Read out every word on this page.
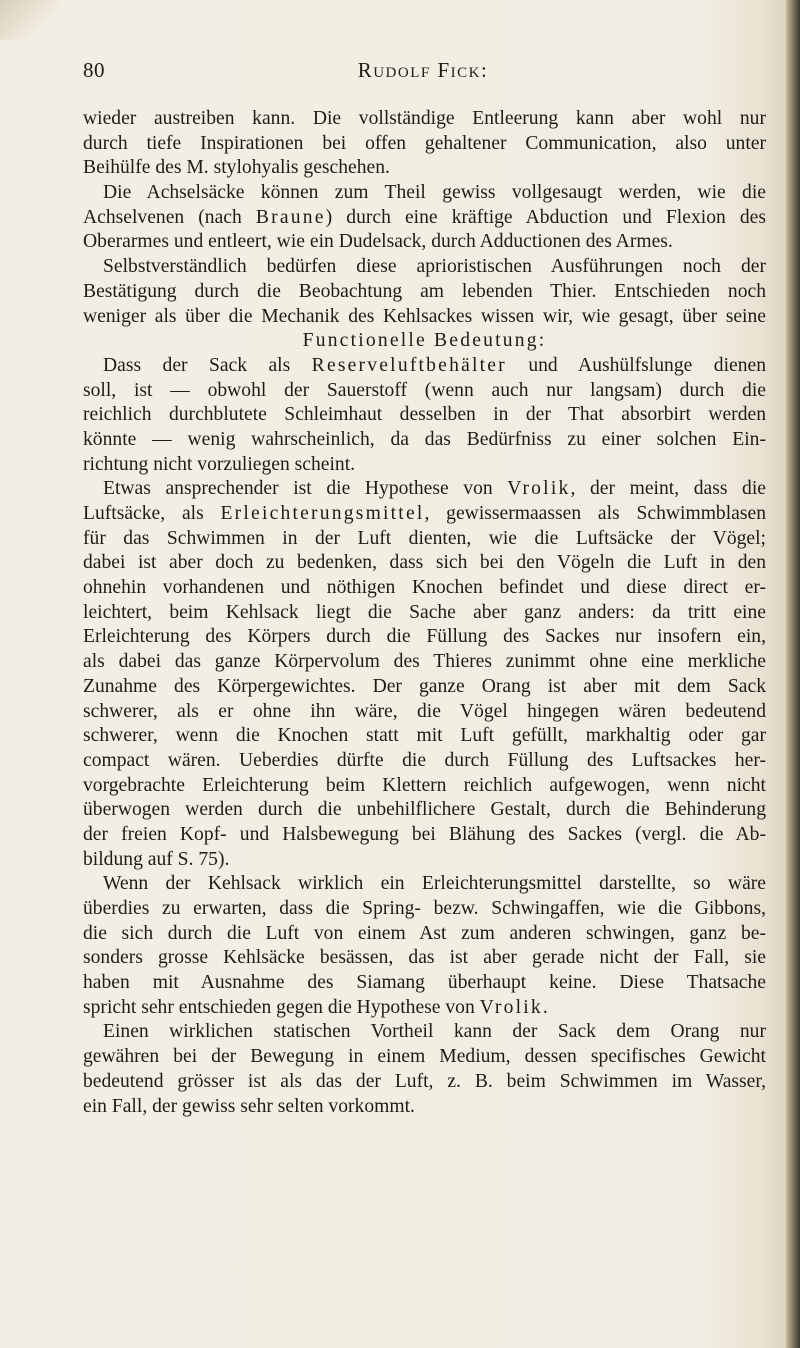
80	Rudolf Fick:
wieder austreiben kann. Die vollständige Entleerung kann aber wohl nur
durch tiefe Inspirationen bei offen gehaltener Communication, also unter
Beihülfe des M. stylohyalis geschehen.
Die Achselsäcke können zum Theil gewiss vollgesaugt werden, wie die
Achselvenen (nach Braune) durch eine kräftige Abduction und Flexion des
Oberarmes und entleert, wie ein Dudelsack, durch Adductionen des Armes.
Selbstverständlich bedürfen diese aprioristischen Ausführungen noch der
Bestätigung durch die Beobachtung am lebenden Thier. Entschieden noch
weniger als über die Mechanik des Kehlsackes wissen wir, wie gesagt, über seine
Functionelle Bedeutung:
Dass der Sack als Reserveluftbehälter und Aushülfslunge dienen
soll, ist — obwohl der Sauerstoff (wenn auch nur langsam) durch die
reichlich durchblutete Schleimhaut desselben in der That absorbirt werden
könnte — wenig wahrscheinlich, da das Bedürfniss zu einer solchen Ein-
richtung nicht vorzuliegen scheint.
Etwas ansprechender ist die Hypothese von Vrolik, der meint, dass die
Luftsäcke, als Erleichterungsmittel, gewissermaassen als Schwimmblasen
für das Schwimmen in der Luft dienten, wie die Luftsäcke der Vögel;
dabei ist aber doch zu bedenken, dass sich bei den Vögeln die Luft in den
ohnehin vorhandenen und nöthigen Knochen befindet und diese direct er-
leichtert, beim Kehlsack liegt die Sache aber ganz anders: da tritt eine
Erleichterung des Körpers durch die Füllung des Sackes nur insofern ein,
als dabei das ganze Körpervolum des Thieres zunimmt ohne eine merkliche
Zunahme des Körpergewichtes. Der ganze Orang ist aber mit dem Sack
schwerer, als er ohne ihn wäre, die Vögel hingegen wären bedeutend
schwerer, wenn die Knochen statt mit Luft gefüllt, markhaltig oder gar
compact wären. Ueberdies dürfte die durch Füllung des Luftsackes her-
vorgebrachte Erleichterung beim Klettern reichlich aufgewogen, wenn nicht
überwogen werden durch die unbehilflichere Gestalt, durch die Behinderung
der freien Kopf- und Halsbewegung bei Blähung des Sackes (vergl. die Ab-
bildung auf S. 75).
Wenn der Kehlsack wirklich ein Erleichterungsmittel darstellte, so wäre
überdies zu erwarten, dass die Spring- bezw. Schwingaffen, wie die Gibbons,
die sich durch die Luft von einem Ast zum anderen schwingen, ganz be-
sonders grosse Kehlsäcke besässen, das ist aber gerade nicht der Fall, sie
haben mit Ausnahme des Siamang überhaupt keine. Diese Thatsache
spricht sehr entschieden gegen die Hypothese von Vrolik.
Einen wirklichen statischen Vortheil kann der Sack dem Orang nur
gewähren bei der Bewegung in einem Medium, dessen specifisches Gewicht
bedeutend grösser ist als das der Luft, z. B. beim Schwimmen im Wasser,
ein Fall, der gewiss sehr selten vorkommt.
